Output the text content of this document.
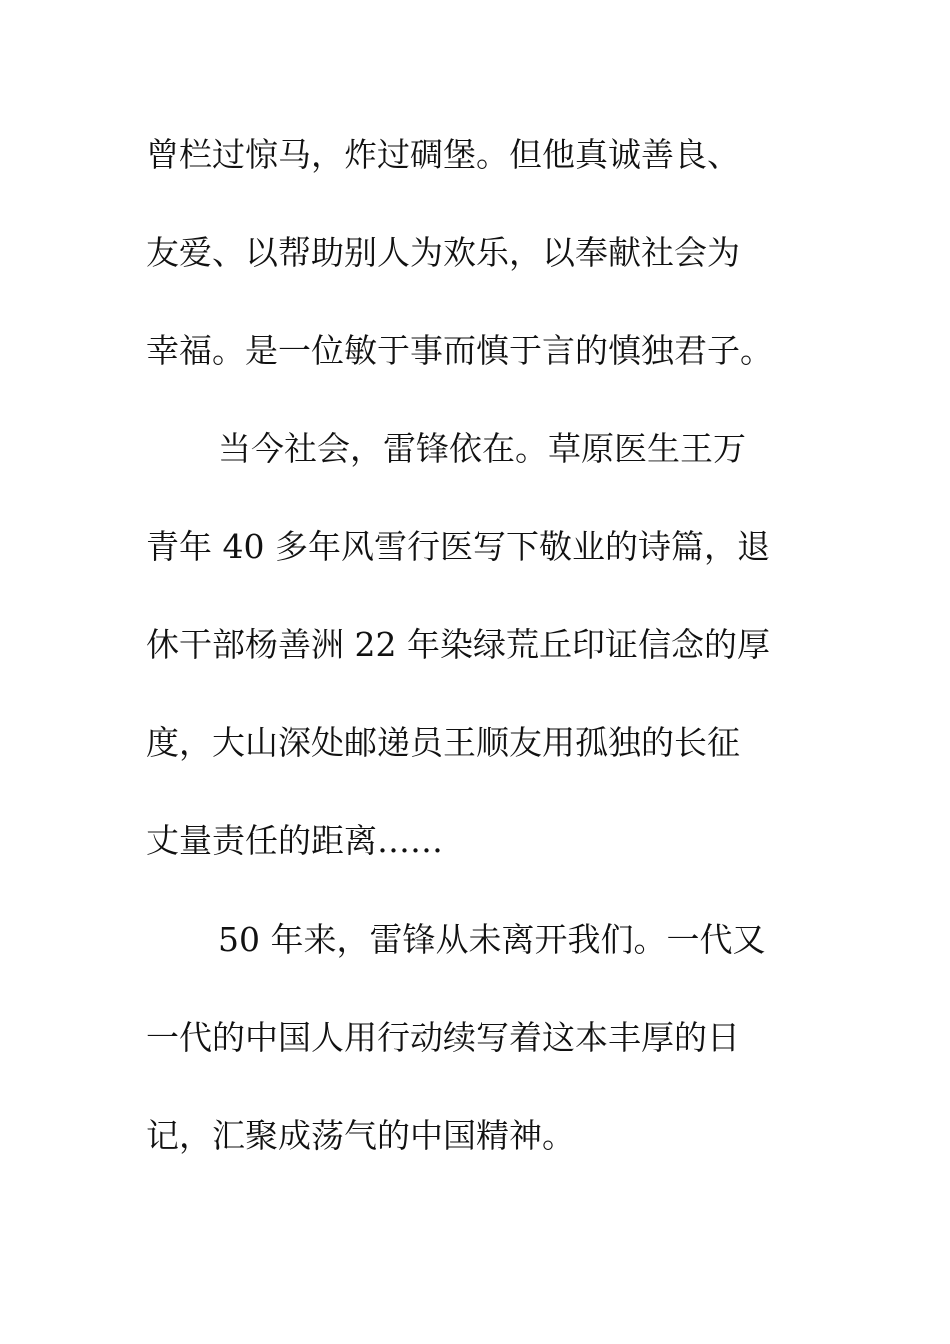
曾栏过惊马，炸过碉堡。但他真诚善良、
友爱、以帮助别人为欢乐，以奉献社会为
幸福。是一位敏于事而慎于言的慎独君子。
当今社会，雷锋依在。草原医生王万
青年 40 多年风雪行医写下敬业的诗篇，退
休干部杨善洲 22 年染绿荒丘印证信念的厚
度，大山深处邮递员王顺友用孤独的长征
丈量责任的距离……
50 年来，雷锋从未离开我们。一代又
一代的中国人用行动续写着这本丰厚的日
记，汇聚成荡气的中国精神。
